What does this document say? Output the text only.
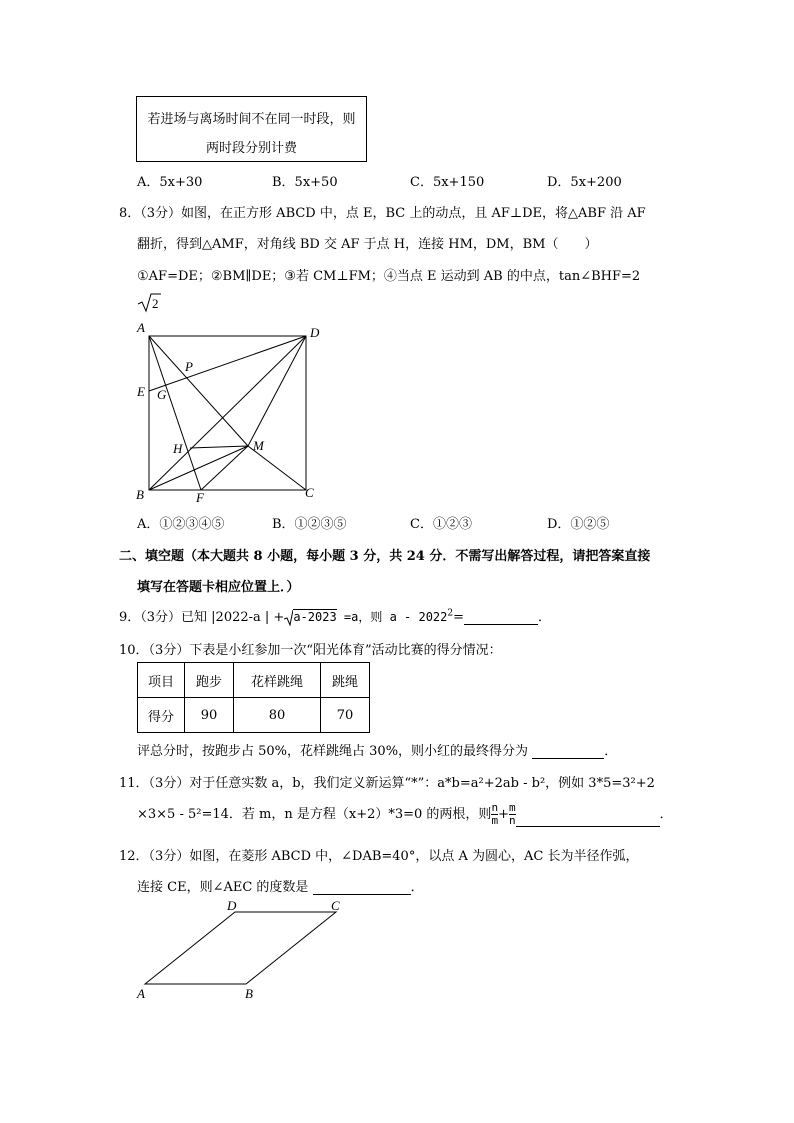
若进场与离场时间不在同一时段，则
两时段分别计费
A．5x+30	B．5x+50	C．5x+150	D．5x+200
8．（3分）如图，在正方形 ABCD 中，点 E，BC 上的动点，且 AF⊥DE，将△ABF 沿 AF
翻折，得到△AMF，对角线 BD 交 AF 于点 H，连接 HM，DM，BM（　　）
①AF=DE；②BM∥DE；③若 CM⊥FM；④当点 E 运动到 AB 的中点，tan∠BHF=2
2
A	D
B	C
E G
P
H	M
F
A．①②③④⑤	B．①②③⑤	C．①②③	D．①②⑤
二、填空题（本大题共 8 小题，每小题 3 分，共 24 分．不需写出解答过程，请把答案直接
填写在答题卡相应位置上．）
9．（3分）已知 |2022-a | + a-2023 =a，则 $a - 2022^2=$	．
10．（3分）下表是小红参加一次“阳光体育”活动比赛的得分情况：
项目	跑步	花样跳绳	跳绳
得分	90	80	70
评总分时，按跑步占 50%，花样跳绳占 30%，则小红的最终得分为	．
11．（3分）对于任意实数 a，b，我们定义新运算“*”：a*b=a²+2ab - b²，例如 3*5=3²+2
×3×5 - 5²=14．若 m，n 是方程（x+2）*3=0 的两根，则 $\frac{n}{m} + \frac{m}{n}$	．
12．（3分）如图，在菱形 ABCD 中，∠DAB=40°，以点 A 为圆心，AC 长为半径作弧，
连接 CE，则∠AEC 的度数是	．
A	B
C
D
